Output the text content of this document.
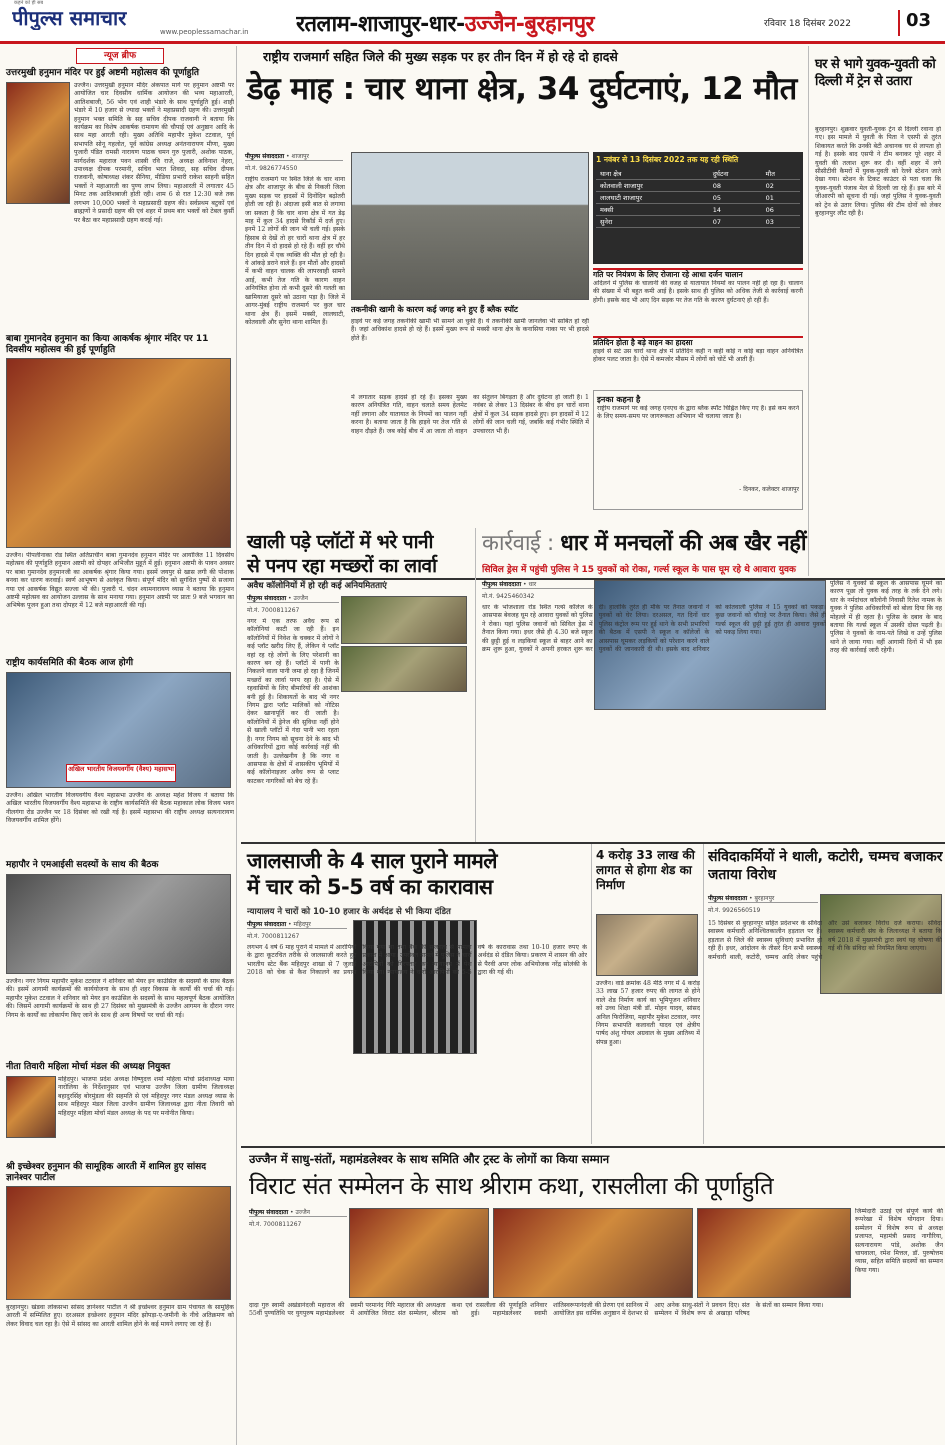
पीपुल्स समाचार
कहने को ही सब
www.peoplessamachar.in रतलाम-शाजापुर-धार-उज्जैन-बुरहानपुर	रविवार 18 दिसंबर 2022	03
न्यूज ब्रीफ
उत्तरमुखी हनुमान मंदिर पर हुई अष्टमी महोत्सव की पूर्णाहुति
उज्जैन। उत्तरमुखी हनुमान मंदिर अंकपात मार्ग पर हनुमान अष्टमी पर आयोजित चार दिवसीय धार्मिक आयोजन की भव्य महाआरती, आतिशबाजी, 56 भोग एवं शाही भंडारे के साथ पूर्णाहुति हुई। शाही भंडारे में 10 हजार से ज्यादा भक्तों ने महाप्रसादी ग्रहण की। उत्तरमुखी हनुमान भक्त समिति के सह सचिव दीपक राजवानी ने बताया कि कार्यक्रम का विशेष आकर्षक रामायण की चौपाई एवं अनुष्ठान आदि के साथ महा आरती रही। मुख्य अतिथि महापौर मुकेश टटवाल, पूर्व सभापति सोनू गहलोत, पूर्व कांग्रेस अध्यक्ष अनंतनारायण मीणा, मुख्य पुजारी पंडित रामसी नारायण पाठक चमन गुरु पुजारी, अशोक पाठक, मार्गदर्शक महाराज पवन शास्त्री रवि राजे, अध्यक्ष अविनाश नेहरा, उपाध्यक्ष दीपक परमानी, सचिव भरत शिवदा, सह सचिव दीपक राजवानी, कोषाध्यक्ष शंकर सैनिया, मीडिया प्रभारी राकेश साहनी सहित भक्तों ने महाआरती का पुण्य लाभ लिया। महाआरती में लगातार 45 मिनट तक आतिशबाजी होती रही। शाम 6 से रात 12:30 बजे तक लगभग 10,000 भक्तों ने महाप्रसादी ग्रहण की। सर्वप्रथम बटुकों एवं ब्राह्मणों ने प्रसादी ग्रहण की एवं शहर में प्रथम बार भक्तों को टेबल कुर्सी पर बैठा कर महाप्रसादी ग्रहण कराई गई।
बाबा गुमानदेव हनुमान का किया आकर्षक श्रृंगार मंदिर पर 11 दिवसीय महोत्सव की हुई पूर्णाहुति
उज्जैन। पीपलीनाका रोड स्थित अतिप्राचीन बाबा गुमानदेव हनुमान मंदिर पर आयोजित 11 दिवसीय महोत्सव की पूर्णाहुति हनुमान अष्टमी को दोपहर अभिजीत मुहूर्त में हुई। हनुमान अष्टमी के पावन अवसर पर बाबा गुमानदेव हनुमानजी का आकर्षक श्रृंगार किया गया। इसमें जयपुर से खास लगी की पोशाक बनवा कर धारण करवाई। स्वर्ण आभूषण से अलंकृत किया। संपूर्ण मंदिर को सुगंधित पुष्पों से सजाया गया एवं आकर्षक विद्युत सज्जा भी की। पुजारी पं. चंदन श्यामनारायण व्यास ने बताया कि हनुमान अष्टमी महोत्सव का आयोजन उल्लास के साथ मनाया गया। हनुमान अष्टमी पर प्रातः 9 बजे भगवान का अभिषेक पूजन हुआ तथा दोपहर में 12 बजे महाआरती की गई।
राष्ट्रीय कार्यसमिति की बैठक आज होगी
अखिल भारतीय विजयवर्गीय (वैश्य) महासभा
उज्जैन। अखिल भारतीय विजयवर्गीय वैश्य महासभा उज्जैन के अध्यक्ष महेश विजय ने बताया कि अखिल भारतीय विजयवर्गीय वैश्य महासभा के राष्ट्रीय कार्यसमिति की बैठक महाकाल लोक विजय भवन नीलगंगा रोड उज्जैन पर 18 दिसंबर को रखी गई है। इसमें महासभा की राष्ट्रीय अध्यक्ष सत्यनारायण विजयवर्गीय शामिल होंगे।
महापौर ने एमआईसी सदस्यों के साथ की बैठक
उज्जैन। नगर निगम महापौर मुकेश टटवाल ने शनिवार को मेयर इन काउंसिल के सदस्यों के साथ बैठक की। इसमें आगामी कार्यक्रमों की कार्ययोजना के साथ ही शहर विकास के कार्यों की चर्चा की गई। महापौर मुकेश टटवाल ने शनिवार को मेयर इन काउंसिल के सदस्यों के साथ महत्वपूर्ण बैठक आयोजित की। जिसमें आगामी कार्यक्रमों के साथ ही 27 दिसंबर को मुख्यमंत्री के उज्जैन आगमन के दौरान नगर निगम के कार्यों का लोकार्पण किए जाने के साथ ही अन्य विषयों पर चर्चा की गई।
नीता तिवारी महिला मोर्चा मंडल की अध्यक्ष नियुक्त
महिदपुर। भाजपा प्रदेश अध्यक्ष विष्णुदत्त शर्मा महिला मोर्चा प्रदेशाध्यक्ष माया नारोलिया के निर्देशानुसार एवं भाजपा उज्जैन जिला ग्रामीण जिलाध्यक्ष बहादुरसिंह बोरमुंडला की सहमति से एवं महिदपुर नगर मंडल अध्यक्ष व्यास के साथ महिदपुर मंडल जिला उज्जैन ग्रामीण जिलाध्यक्ष द्वारा नीता तिवारी को महिदपुर महिला मोर्चा मंडल अध्यक्ष के पद पर मनोनीत किया।
श्री इच्छेश्वर हनुमान की सामूहिक आरती में शामिल हुए सांसद ज्ञानेश्वर पाटील
बुरहानपुर। खंडवा लोकसभा सांसद ज्ञानेश्वर पाटील ने श्री इच्छेश्वर हनुमान ग्राम पंचायत के सामूहिक आरती में सम्मिलित हुए। दरअसल इच्छेश्वर हनुमान मंदिर झोपड़ा-ए-जमीनी के नीचे अतिक्रमण को लेकर विवाद चल रहा है। ऐसे में सांसद का आरती शामिल होने के कई मायने लगाए जा रहे हैं।
राष्ट्रीय राजमार्ग सहित जिले की मुख्य सड़क पर हर तीन दिन में हो रहे दो हादसे
डेढ़ माह : चार थाना क्षेत्र, 34 दुर्घटनाएं, 12 मौत
पीपुल्स संवाददाता • शाजापुर
मो.नं. 9826774550
राष्ट्रीय राजमार्ग पर स्थित जिले के चार थाना क्षेत्र और शाजापुर के बीच से निकली जिला मुख्य सड़क पर हादसों में दिनोंदिन बढ़ोतरी होती जा रही है। अंदाजा इसी बात से लगाया जा सकता है कि चार थाना क्षेत्र में गत डेढ़ माह में कुल 34 हादसे रिकॉर्ड में दर्ज हुए। इनमें 12 लोगों की जान भी चली गई। इसके हिसाब से देखें तो हर चारों थाना क्षेत्र में हर तीन दिन में दो हादसे हो रहे हैं। वहीं हर चौथे दिन हादसे में एक व्यक्ति की मौत हो रही है। ये आंकड़े डराने वाले हैं। इन मौतों और हादसों में कभी वाहन चालक की लापरवाही सामने आई, कभी तेज गति के कारण वाहन अनियंत्रित होना तो कभी दूसरे की गलती का खामियाजा दूसरे को उठाना पड़ा है। जिले में आगर-मुंबई राष्ट्रीय राजमार्ग पर कुल चार थाना क्षेत्र हैं। इसमें मक्सी, लालघाटी, कोतवाली और सुनेरा थाना शामिल हैं।
तकनीकी खामी के कारण कई जगह बने हुए हैं ब्लैक स्पॉट
हाइवे पर कई जगह तकनीकी खामी भी सामने आ चुकी है। ये तकनीकी खामी जानलेवा भी साबित हो रही हैं। जहां अधिकांश हादसे हो रहे हैं। इसमें मुख्य रूप से मक्सी थाना क्षेत्र के कनासिया नाका पर भी हादसे होते हैं।
में लगातार सड़क हादसे हो रहे हैं। इसका मुख्य कारण अनियंत्रित गति, वाहन चलाते समय हेलमेट नहीं लगाना और यातायात के नियमों का पालन नहीं करना है। बताया जाता है कि हाइवे पर तेज गति से वाहन दौड़ते हैं। जब कोई बीच में आ जाता तो वाहन का संतुलन बिगड़ता है और दुर्घटना हो जाती है। 1 नवंबर से लेकर 13 दिसंबर के बीच इन चारों थाना क्षेत्रों में कुल 34 सड़क हादसे हुए। इन हादसों में 12 लोगों की जान चली गई, जबकि कई गंभीर स्थिति में उपचाररत भी हैं।
1 नवंबर से 13 दिसंबर 2022 तक यह रही स्थिति
थाना क्षेत्र	दुर्घटना	मौत
कोतवाली शाजापुर	08	02
लालघाटी शाजापुर	05	01
मक्सी	14	06
सुनेरा	07	03
गति पर नियंत्रण के लिए रोजाना रहे आधा दर्जन चालान
अदिलने में पुलिस के चालानी की वजह से यातायात नियमों का पालन नहीं हो रहा है। चालान की संख्या में भी बहुत कमी आई है। इसके साथ ही पुलिस को अधिक तेजी से कार्रवाई करनी होगी। इसके बाद भी आए दिन सड़क पर तेज गति के कारण दुर्घटनाएं हो रही हैं।
प्रतिदिन होता है बड़े वाहन का हादसा
हाइवे से सटे उस चारों थाना क्षेत्र में प्रतिदिन कहीं न कहीं कोई न कोई बड़ा वाहन अनियंत्रित होकर पलट जाता है। ऐसे में कमजोर मौसम में लोगों को चोटें भी आती हैं।
इनका कहना है
राष्ट्रीय राजमार्ग पर कई जगह एनएच के द्वारा ब्लैक स्पॉट चिह्नित किए गए हैं। इसे कम करने के लिए समय-समय पर जागरूकता अभियान भी चलाया जाता है।
- दिनकर, कलेक्टर शाजापुर
घर से भागे युवक-युवती को दिल्ली में ट्रेन से उतारा
बुरहानपुर। शुक्रवार युवती-युवक ट्रेन से दिल्ली रवाना हो गए। इस मामले में युवती के पिता ने एसपी से तुरंत शिकायत करते कि उनकी बेटी अचानक घर से लापता हो गई है। इसके बाद एसपी ने टीम बनाकर पूरे शहर में युवती की तलाश शुरू कर दी। वहीं शहर में लगे सीसीटीवी कैमरों में युवक-युवती को रेलवे स्टेशन जाते देखा गया। स्टेशन के टिकट काउंटर से पता चला कि युवक-युवती पंजाब मेल से दिल्ली जा रहे हैं। इस बारे में जीआरपी को सूचना दी गई। जहां पुलिस ने युवक-युवती को ट्रेन से उतार लिया। पुलिस की टीम दोनों को लेकर बुरहानपुर लौट रही है।
खाली पड़े प्लॉटों में भरे पानी
से पनप रहा मच्छरों का लार्वा
अवैध कॉलोनियों में हो रही कई अनियमितताएं
पीपुल्स संवाददाता • उज्जैन
मो.नं. 7000811267
नगर में एक तरफ अवैध रूप से कॉलोनियां काटी जा रही हैं। इन कॉलोनियों में निवेश के चक्कर में लोगों ने कई प्लॉट खरीद लिए हैं, लेकिन ये प्लॉट वहां रह रहे लोगों के लिए परेशानी का कारण बन रहे हैं। प्लॉटों में पानी के निकलने वाला पानी जमा हो रहा है जिनमें मच्छरों का लार्वा पनप रहा है। ऐसे में रहवासियों के लिए बीमारियों की आशंका बनी हुई है। शिकायतों के बाद भी नगर निगम द्वारा प्लॉट मालिकों को नोटिस देकर खानापूर्ति कर दी जाती है। कॉलोनियों में ड्रेनेज की सुविधा नहीं होने से खाली प्लॉटों में गंदा पानी भरा रहता है। नगर निगम को सूचना देने के बाद भी अधिकारियों द्वारा कोई कार्रवाई नहीं की जाती है। उल्लेखनीय है कि नगर व आसपास के क्षेत्रों में शासकीय भूमियों में कई कॉलोनाइजर अवैध रूप से प्लाट काटकर नागरिकों को बेच रहे हैं।
कार्रवाई : धार में मनचलों की अब खैर नहीं
सिविल ड्रेस में पहुंची पुलिस ने 15 युवकों को रोका, गर्ल्स स्कूल के पास घूम रहे थे आवारा युवक
पीपुल्स संवाददाता • धार
मो.नं. 9425460342
धार के भोजशाला रोड स्थित गर्ल्स कॉलेज के आसपास बेवजह घूम रहे आवारा युवकों को पुलिस ने रोका। यहां पुलिस जवानों को सिविल ड्रेस में तैनात किया गया। इधर जैसे ही 4.30 बजे स्कूल की छुट्टी हुई व लड़कियां स्कूल से बाहर आने का क्रम शुरू हुआ, युवकों ने अपनी हरकत शुरू कर दी। हालांकि तुरंत ही मौके पर तैनात जवानों ने युवकों को घेर लिया। दरअसल, गत दिनों धार पुलिस कंट्रोल रूम पर हुई थाने के सभी प्रभारियों की बैठक में एसपी ने स्कूल व कॉलेजों के आसपास घूमकर लड़कियों को परेशान करने वाले युवकों की जानकारी दी थी। इसके बाद शनिवार को कोतवाली पुलिस ने 15 युवकों को पकड़ा। कुछ जवानों को चौराहे पर तैनात किया। जैसे ही गर्ल्स स्कूल की छुट्टी हुई तुरंत ही आवारा युवकों को पकड़ लिया गया।
पुलिस ने युवकों से स्कूल के आसपास घूमने का कारण पूछा तो युवक कई तरह के तर्क देने लगे। धार के नर्मदांचल कॉलोनी निवासी रितेश नामक के युवक ने पुलिस अधिकारियों को बोला दिया कि वह मोहल्ले में ही रहता है। पुलिस के दबाव के बाद बताया कि गर्ल्स स्कूल में उसकी दोस्त पढ़ती है। पुलिस ने युवकों के नाम-पते लिखे व उन्हें पुलिस थाने ले जाया गया। वहीं आगामी दिनों में भी इस तरह की कार्रवाई जारी रहेगी।
जालसाजी के 4 साल पुराने मामले
में चार को 5-5 वर्ष का कारावास
न्यायालय ने चारों को 10-10 हजार के अर्थदंड से भी किया दंडित
पीपुल्स संवाददाता • महिदपुर
मो.नं. 7000811267
लगभग 4 वर्ष 6 माह पुराने में मामले में आरोपियों के द्वारा कूटरचित तरीके से जालसाजी करते हुए भारतीय स्टेट बैंक महिदपुर शाखा से 7 जुलाई 2018 को चेक से कैश निकालने का प्रयास किया गया था तथा बैंक की सजगता से मामला प्रकाश में आया। उपरोक्त मामले में पुलिस ने चारों आरोपियों को गिरफ्तार कर न्यायालय में पेश किया था। न्यायालय ने चारों आरोपियों को 5-5 वर्ष के कारावास तथा 10-10 हजार रुपए के अर्थदंड से दंडित किया। प्रकरण में शासन की ओर से पैरवी अपर लोक अभियोजक नरेंद्र सोलंकी के द्वारा की गई थी।
4 करोड़ 33 लाख की लागत से होगा शेड का निर्माण
उज्जैन। वार्ड क्रमांक 48 मीठे नगर में 4 करोड़ 33 लाख 57 हजार रुपए की लागत से होने वाले शेड निर्माण कार्य का भूमिपूजन शनिवार को उच्च शिक्षा मंत्री डॉ. मोहन यादव, सांसद अनिल फिरोजिया, महापौर मुकेश टटवाल, नगर निगम सभापति कलावती यादव एवं क्षेत्रीय पार्षद अंशु गोयल अग्रवाल के मुख्य आतिथ्य में संपन्न हुआ।
संविदाकर्मियों ने थाली, कटोरी, चम्मच बजाकर जताया विरोध
पीपुल्स संवाददाता • बुरहानपुर
मो.नं. 9926560519
15 दिसंबर से बुरहानपुर सहित प्रदेशभर के संविदा स्वास्थ्य कर्मचारी अनिश्चितकालीन हड़ताल पर हैं। हड़ताल से जिले की स्वास्थ्य सुविधाएं प्रभावित हो रही हैं। इधर, आंदोलन के तीसरे दिन सभी स्वास्थ्य कर्मचारी थाली, कटोरी, चम्मच आदि लेकर पहुंचे और उसे बजाकर विरोध दर्ज कराया। संविदा स्वास्थ्य कर्मचारी संघ के जिलाध्यक्ष ने बताया कि वर्ष 2018 में मुख्यमंत्री द्वारा स्वयं यह घोषणा की गई थी कि संविदा को नियमित किया जाएगा।
उज्जैन में साधु-संतों, महामंडलेश्वर के साथ समिति और ट्रस्ट के लोगों का किया सम्मान
विराट संत सम्मेलन के साथ श्रीराम कथा, रासलीला की पूर्णाहुति
पीपुल्स संवाददाता • उज्जैन
मो.नं. 7000811267
दादा गुरु स्वामी अखंडानंदजी महाराज की 55वीं पुण्यतिथि पर युगपुरुष महामंडलेश्वर स्वामी परमानंद गिरि महाराज की अध्यक्षता में आयोजित विराट संत सम्मेलन, श्रीराम कथा एवं रासलीला की पूर्णाहुति शनिवार को हुई। महामंडलेश्वर स्वामी शांतिस्वरूपानंदजी की प्रेरणा एवं सानिध्य में आयोजित इस धार्मिक अनुष्ठान में देशभर से आए अनेक साधु-संतों ने प्रवचन दिए। संत सम्मेलन में विशेष रूप से अखाड़ा परिषद के संतों का सम्मान किया गया।
जिम्मेदारी उठाई एवं संपूर्ण कार्य की रूपरेखा में विशेष योगदान दिया। सम्मेलन में विशेष रूप से अध्यक्ष प्रजापत, महामंत्री प्रसाद नागौरिया, सत्यनारायण पांडे, अशोक जैन चायवाला, रमेश मित्तल, डॉ. पुरुषोत्तम व्यास, सहित समिति सदस्यों का सम्मान किया गया।
